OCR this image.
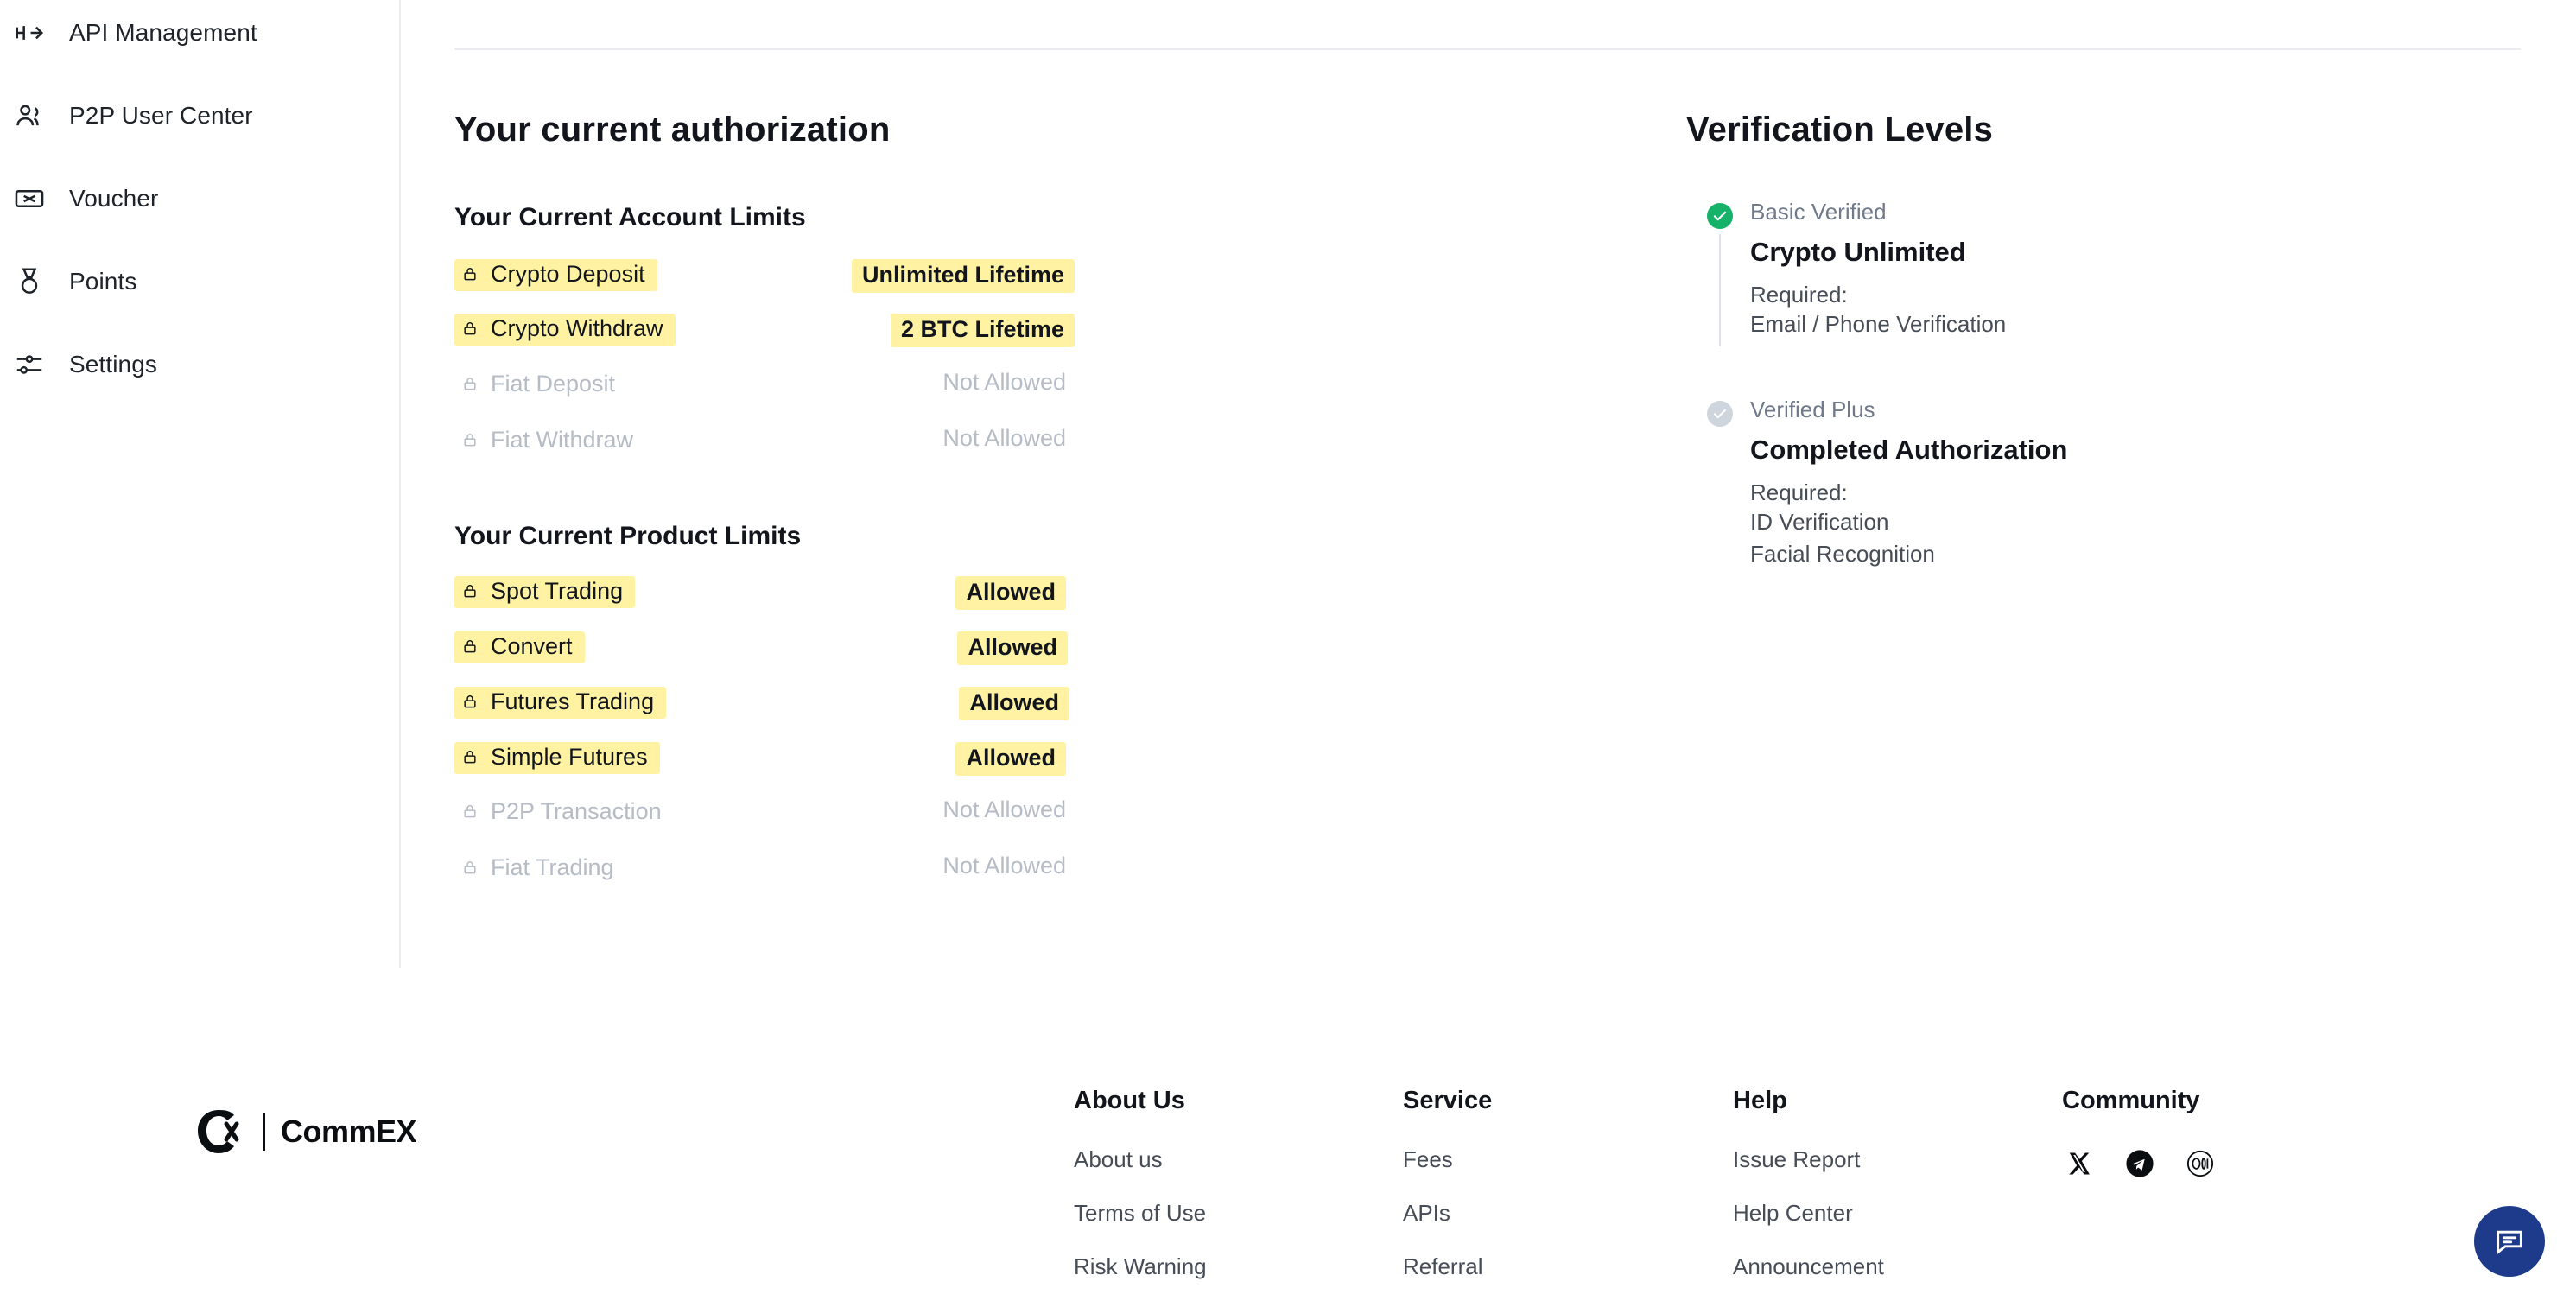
API Management
P2P User Center
Voucher
Points
Settings
Your current authorization
Your Current Account Limits
Crypto Deposit	Unlimited Lifetime
Crypto Withdraw	2 BTC Lifetime
Fiat Deposit	Not Allowed
Fiat Withdraw	Not Allowed
Your Current Product Limits
Spot Trading	Allowed
Convert	Allowed
Futures Trading	Allowed
Simple Futures	Allowed
P2P Transaction	Not Allowed
Fiat Trading	Not Allowed
Verification Levels
Basic Verified
Crypto Unlimited
Required:
Email / Phone Verification
Verified Plus
Completed Authorization
Required:
ID Verification
Facial Recognition
CommEX
About Us
About us
Terms of Use
Risk Warning
Service
Fees
APIs
Referral
Help
Issue Report
Help Center
Announcement
Community
